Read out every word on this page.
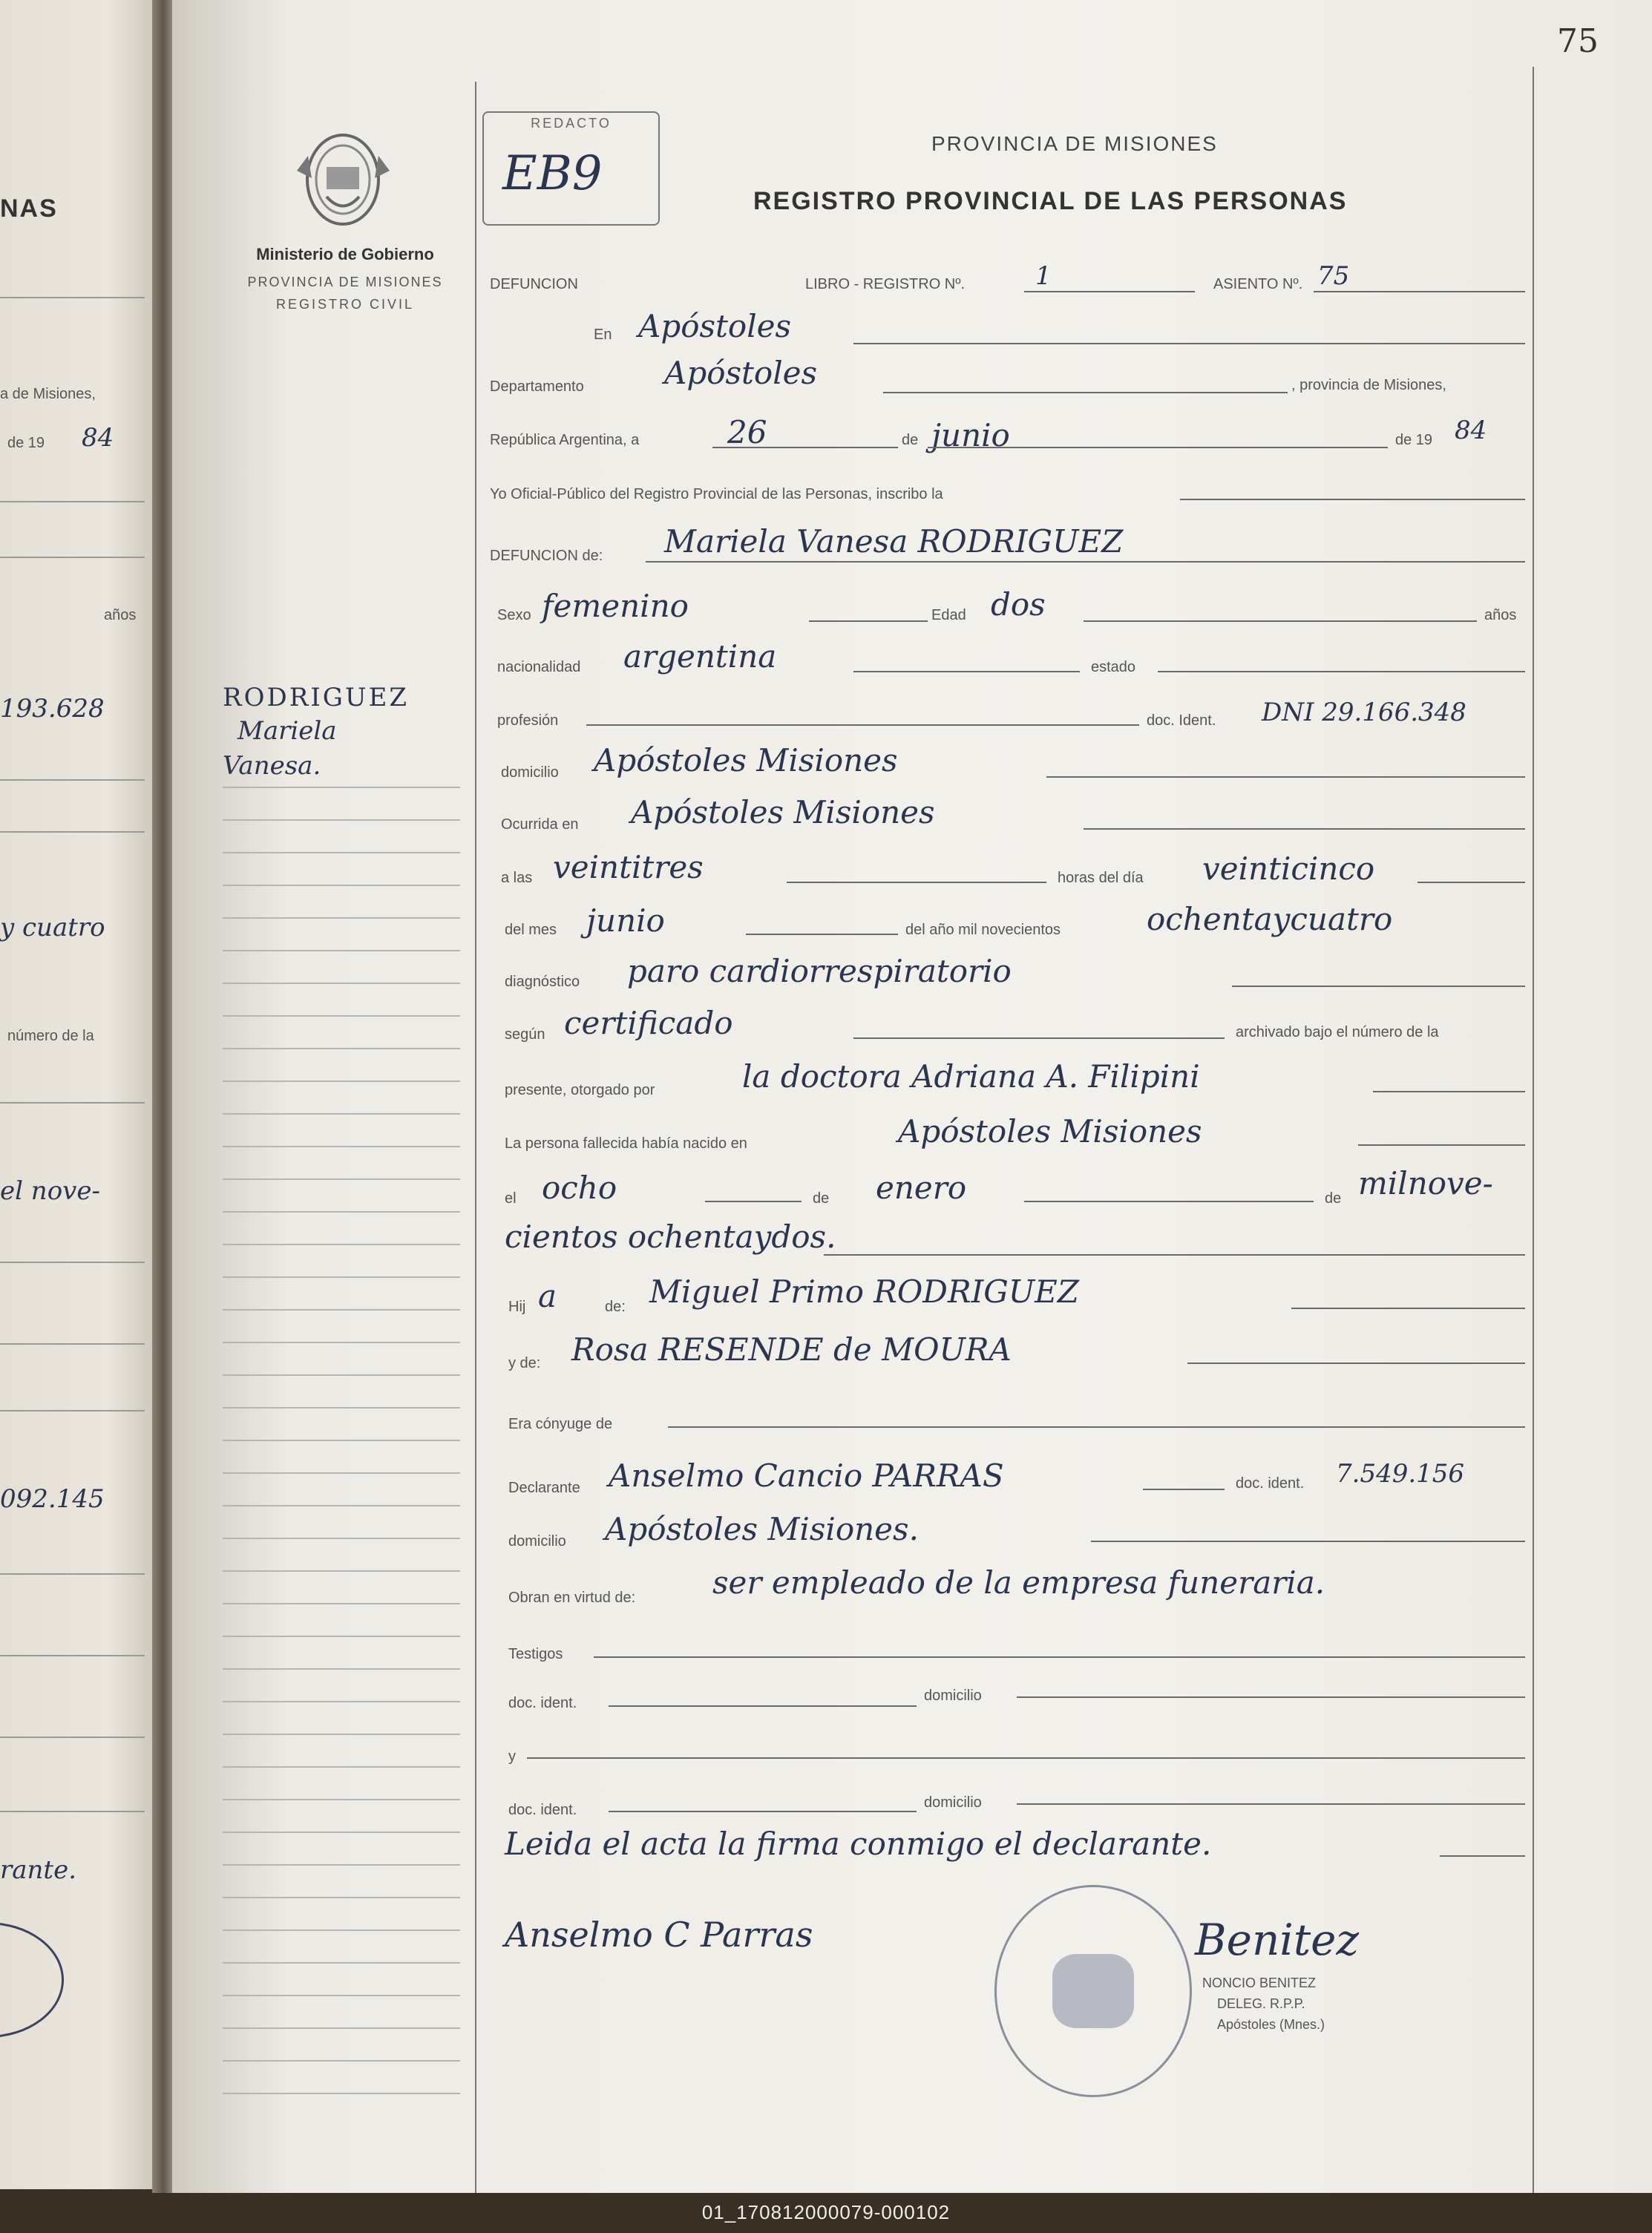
NAS
a de Misiones,
de 19 84
años
193.628
y cuatro
número de la
el nove-
092.145
rante.
75
Ministerio de Gobierno
PROVINCIA DE MISIONES
REGISTRO CIVIL
REDACTO
EB9
PROVINCIA DE MISIONES
REGISTRO PROVINCIAL DE LAS PERSONAS
RODRIGUEZ
Mariela
Vanesa.
DEFUNCION	LIBRO - REGISTRO Nº.	1	ASIENTO Nº. 75
En Apóstoles
Departamento	Apóstoles	, provincia de Misiones,
República Argentina, a	26	de junio	de 19 84
Yo Oficial-Público del Registro Provincial de las Personas, inscribo la
DEFUNCION de: Mariela Vanesa RODRIGUEZ
Sexo femenino	Edad dos	años
nacionalidad argentina	estado
profesión	doc. Ident. DNI 29.166.348
domicilio Apóstoles Misiones
Ocurrida en Apóstoles Misiones
a las veintitres	horas del día veinticinco
del mes junio	del año mil novecientos	ochentaycuatro
diagnóstico paro cardiorrespiratorio
según certificado	archivado bajo el número de la
presente, otorgado por	la doctora Adriana A. Filipini
La persona fallecida había nacido en	Apóstoles Misiones
el ocho	de enero	de milnove-
cientos ochentaydos.
Hij a	de: Miguel Primo RODRIGUEZ
y de: Rosa RESENDE de MOURA
Era cónyuge de
Declarante Anselmo Cancio PARRAS	doc. ident. 7.549.156
domicilio Apóstoles Misiones.
Obran en virtud de: ser empleado de la empresa funeraria.
Testigos
doc. ident.	domicilio
y
doc. ident.	domicilio
Leida el acta la firma conmigo el declarante.
Anselmo C Parras	Benitez
NONCIO BENITEZ
DELEG. R.P.P.
Apóstoles (Mnes.)
01_170812000079-000102
